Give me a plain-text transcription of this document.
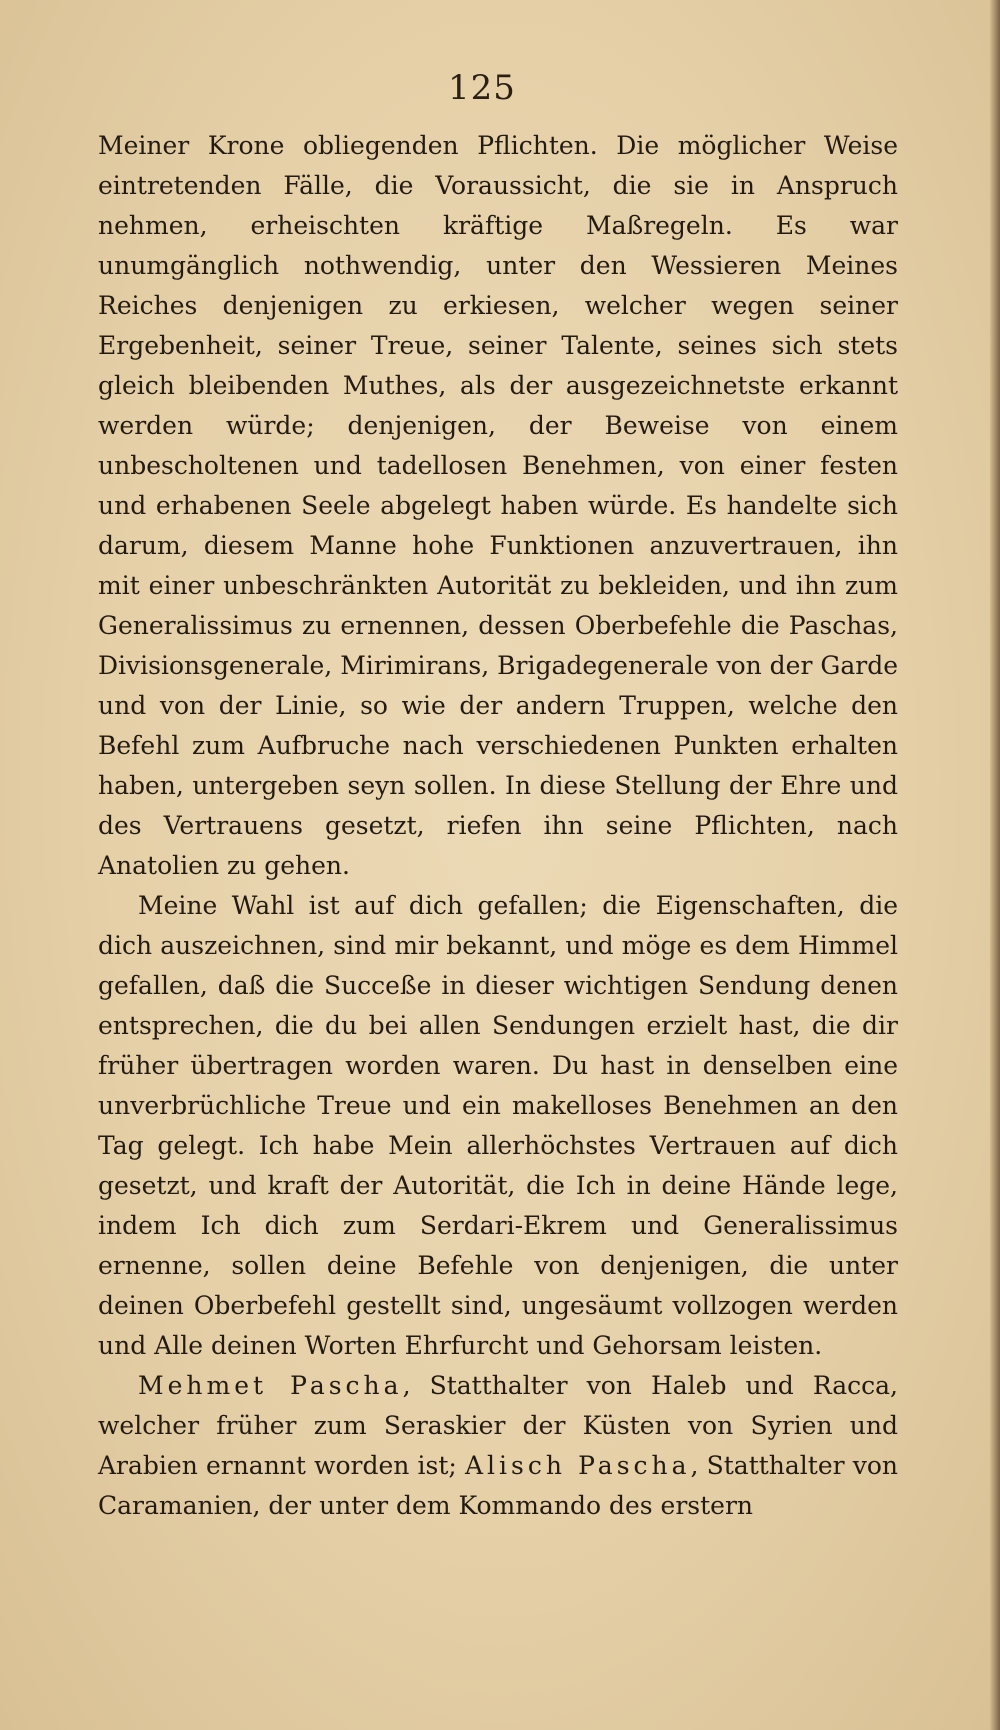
125

Meiner Krone obliegenden Pflichten. Die möglicher Weise eintretenden Fälle, die Voraussicht, die sie in Anspruch nehmen, erheischten kräftige Maßregeln. Es war unumgänglich nothwendig, unter den Wessieren Meines Reiches denjenigen zu erkiesen, welcher wegen seiner Ergebenheit, seiner Treue, seiner Talente, seines sich stets gleich bleibenden Muthes, als der ausgezeichnetste erkannt werden würde; denjenigen, der Beweise von einem unbescholtenen und tadellosen Benehmen, von einer festen und erhabenen Seele abgelegt haben würde. Es handelte sich darum, diesem Manne hohe Funktionen anzuvertrauen, ihn mit einer unbeschränkten Autorität zu bekleiden, und ihn zum Generalissimus zu ernennen, dessen Oberbefehle die Paschas, Divisionsgenerale, Mirimirans, Brigadegenerale von der Garde und von der Linie, so wie der andern Truppen, welche den Befehl zum Aufbruche nach verschiedenen Punkten erhalten haben, untergeben seyn sollen. In diese Stellung der Ehre und des Vertrauens gesetzt, riefen ihn seine Pflichten, nach Anatolien zu gehen.

Meine Wahl ist auf dich gefallen; die Eigenschaften, die dich auszeichnen, sind mir bekannt, und möge es dem Himmel gefallen, daß die Succeße in dieser wichtigen Sendung denen entsprechen, die du bei allen Sendungen erzielt hast, die dir früher übertragen worden waren. Du hast in denselben eine unverbrüchliche Treue und ein makelloses Benehmen an den Tag gelegt. Ich habe Mein allerhöchstes Vertrauen auf dich gesetzt, und kraft der Autorität, die Ich in deine Hände lege, indem Ich dich zum Serdari-Ekrem und Generalissimus ernenne, sollen deine Befehle von denjenigen, die unter deinen Oberbefehl gestellt sind, ungesäumt vollzogen werden und Alle deinen Worten Ehrfurcht und Gehorsam leisten.

Mehmet Pascha, Statthalter von Haleb und Racca, welcher früher zum Seraskier der Küsten von Syrien und Arabien ernannt worden ist; Alisch Pascha, Statthalter von Caramanien, der unter dem Kommando des erstern
